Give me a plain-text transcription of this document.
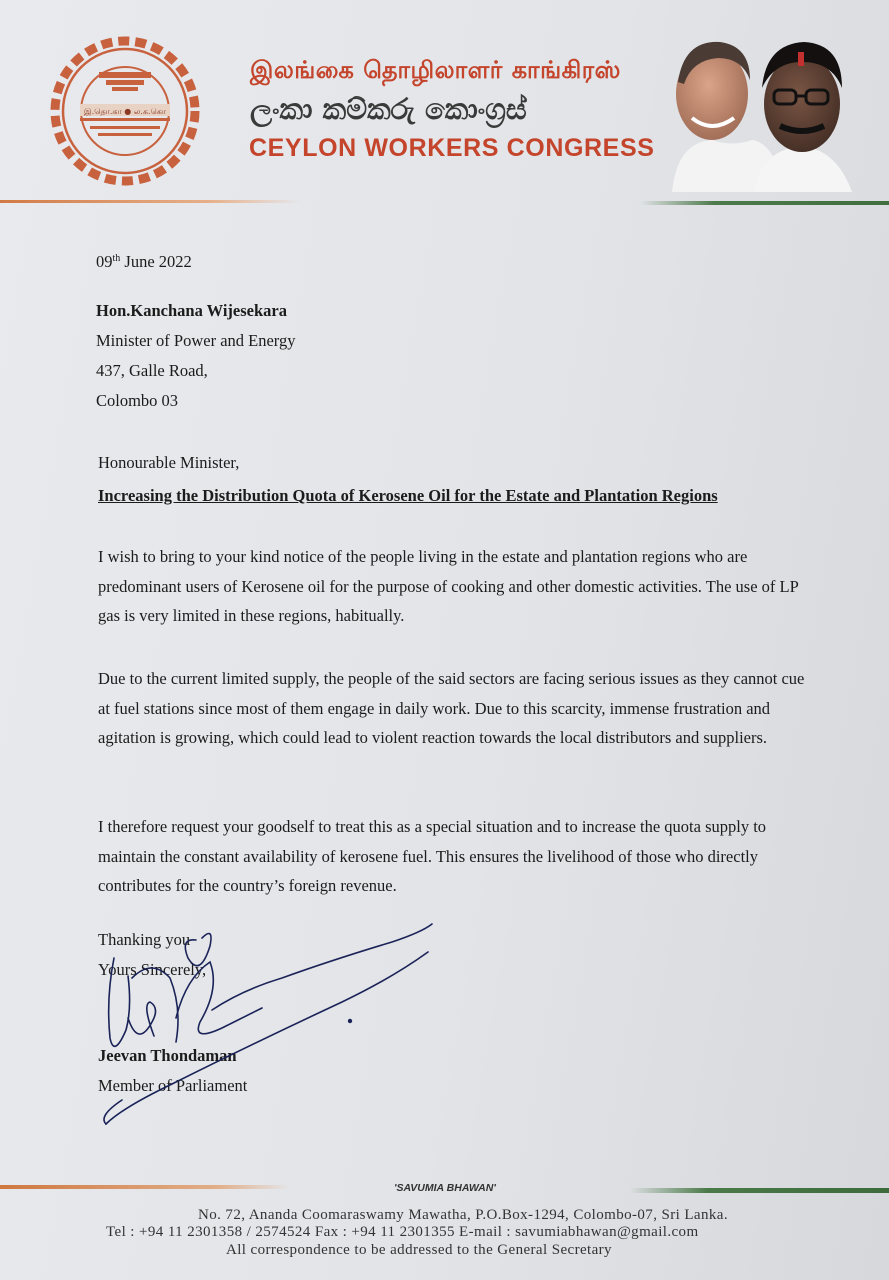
இ.தொ.கா ● ல.க.கொ
இலங்கை தொழிலாளர் காங்கிரஸ்
ලංකා කම්කරු කොංග්‍රස්
CEYLON WORKERS CONGRESS
09th June 2022
Hon.Kanchana Wijesekara
Minister of Power and Energy
437, Galle Road,
Colombo 03
Honourable Minister,
Increasing the Distribution Quota of Kerosene Oil for the Estate and Plantation Regions
I wish to bring to your kind notice of the people living in the estate and plantation regions who are predominant users of Kerosene oil for the purpose of cooking and other domestic activities. The use of LP gas is very limited in these regions, habitually.
Due to the current limited supply, the people of the said sectors are facing serious issues as they cannot cue at fuel stations since most of them engage in daily work. Due to this scarcity, immense frustration and agitation is growing, which could lead to violent reaction towards the local distributors and suppliers.
I therefore request your goodself to treat this as a special situation and to increase the quota supply to maintain the constant availability of kerosene fuel. This ensures the livelihood of those who directly contributes for the country’s foreign revenue.
Thanking you
Yours Sincerely,
Jeevan Thondaman
Member of Parliament
'SAVUMIA BHAWAN'
No. 72, Ananda Coomaraswamy Mawatha, P.O.Box-1294, Colombo-07, Sri Lanka.
Tel : +94 11 2301358 / 2574524 Fax : +94 11 2301355 E-mail : savumiabhawan@gmail.com
All correspondence to be addressed to the General Secretary
